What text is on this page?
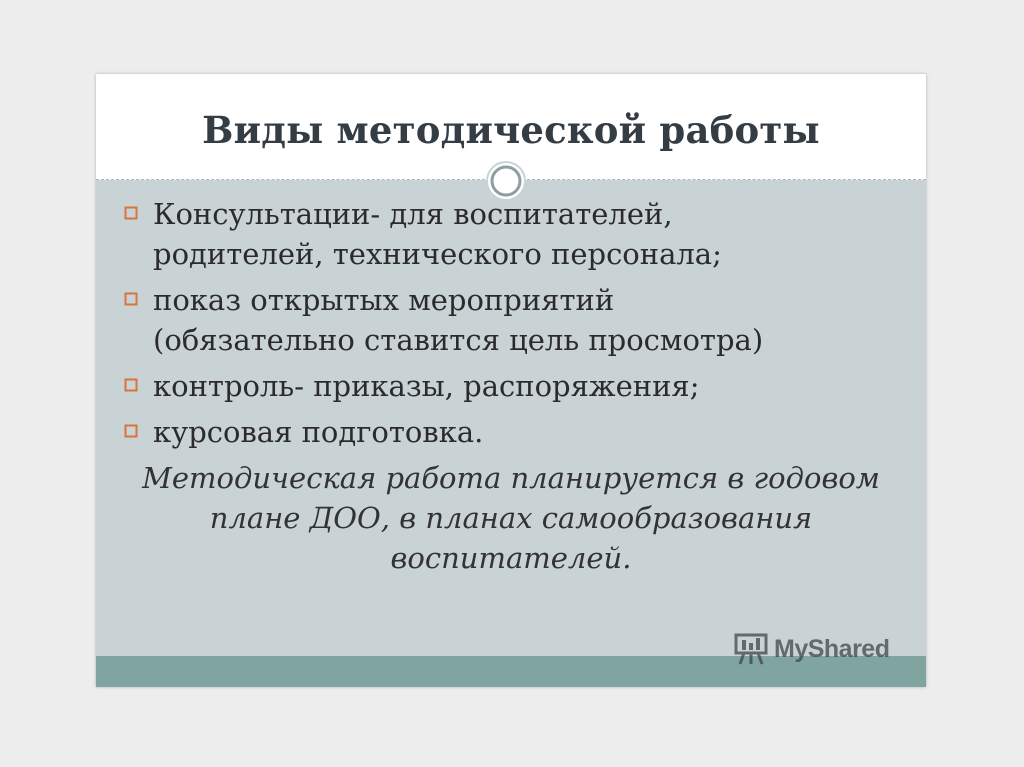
Виды методической работы
Консультации- для воспитателей,
родителей, технического персонала;
показ открытых мероприятий
(обязательно ставится цель просмотра)
контроль- приказы, распоряжения;
курсовая подготовка.

Методическая работа планируется в годовом плане ДОО, в планах самообразования воспитателей.

MyShared
